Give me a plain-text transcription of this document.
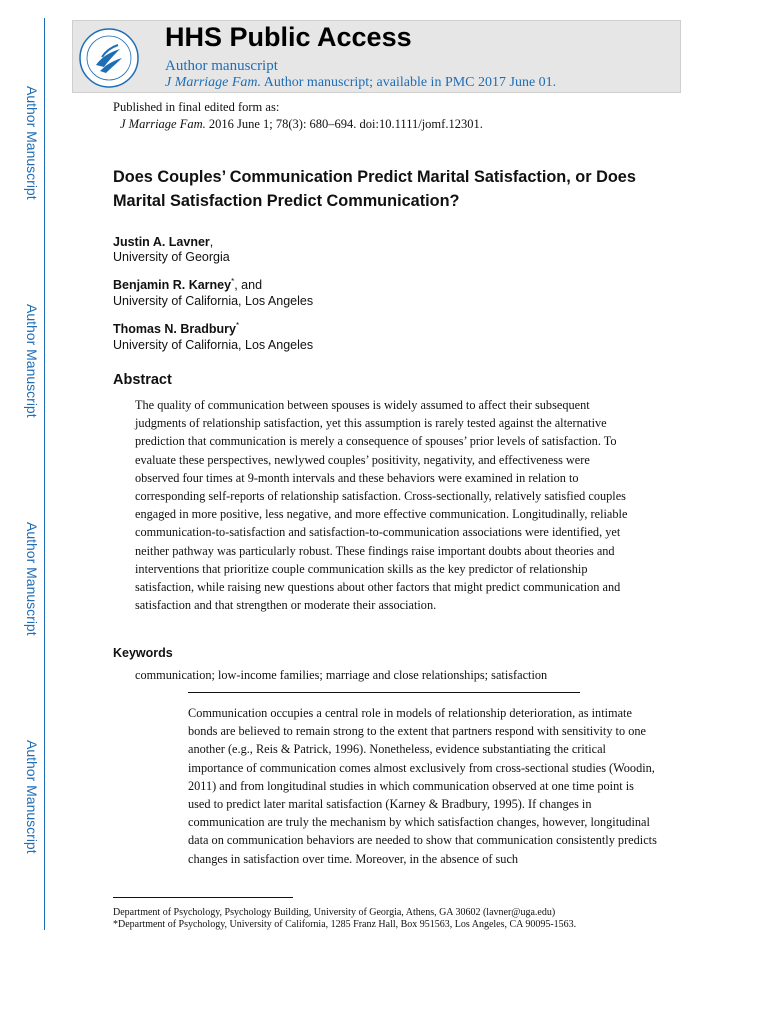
Author Manuscript
Author Manuscript
Author Manuscript
Author Manuscript
HHS Public Access
Author manuscript
J Marriage Fam. Author manuscript; available in PMC 2017 June 01.
Published in final edited form as:
J Marriage Fam. 2016 June 1; 78(3): 680–694. doi:10.1111/jomf.12301.
Does Couples’ Communication Predict Marital Satisfaction, or Does Marital Satisfaction Predict Communication?
Justin A. Lavner,
University of Georgia
Benjamin R. Karney*, and
University of California, Los Angeles
Thomas N. Bradbury*
University of California, Los Angeles
Abstract
The quality of communication between spouses is widely assumed to affect their subsequent judgments of relationship satisfaction, yet this assumption is rarely tested against the alternative prediction that communication is merely a consequence of spouses’ prior levels of satisfaction. To evaluate these perspectives, newlywed couples’ positivity, negativity, and effectiveness were observed four times at 9-month intervals and these behaviors were examined in relation to corresponding self-reports of relationship satisfaction. Cross-sectionally, relatively satisfied couples engaged in more positive, less negative, and more effective communication. Longitudinally, reliable communication-to-satisfaction and satisfaction-to-communication associations were identified, yet neither pathway was particularly robust. These findings raise important doubts about theories and interventions that prioritize couple communication skills as the key predictor of relationship satisfaction, while raising new questions about other factors that might predict communication and satisfaction and that strengthen or moderate their association.
Keywords
communication; low-income families; marriage and close relationships; satisfaction
Communication occupies a central role in models of relationship deterioration, as intimate bonds are believed to remain strong to the extent that partners respond with sensitivity to one another (e.g., Reis & Patrick, 1996). Nonetheless, evidence substantiating the critical importance of communication comes almost exclusively from cross-sectional studies (Woodin, 2011) and from longitudinal studies in which communication observed at one time point is used to predict later marital satisfaction (Karney & Bradbury, 1995). If changes in communication are truly the mechanism by which satisfaction changes, however, longitudinal data on communication behaviors are needed to show that communication consistently predicts changes in satisfaction over time. Moreover, in the absence of such
Department of Psychology, Psychology Building, University of Georgia, Athens, GA 30602 (lavner@uga.edu)
*Department of Psychology, University of California, 1285 Franz Hall, Box 951563, Los Angeles, CA 90095-1563.
